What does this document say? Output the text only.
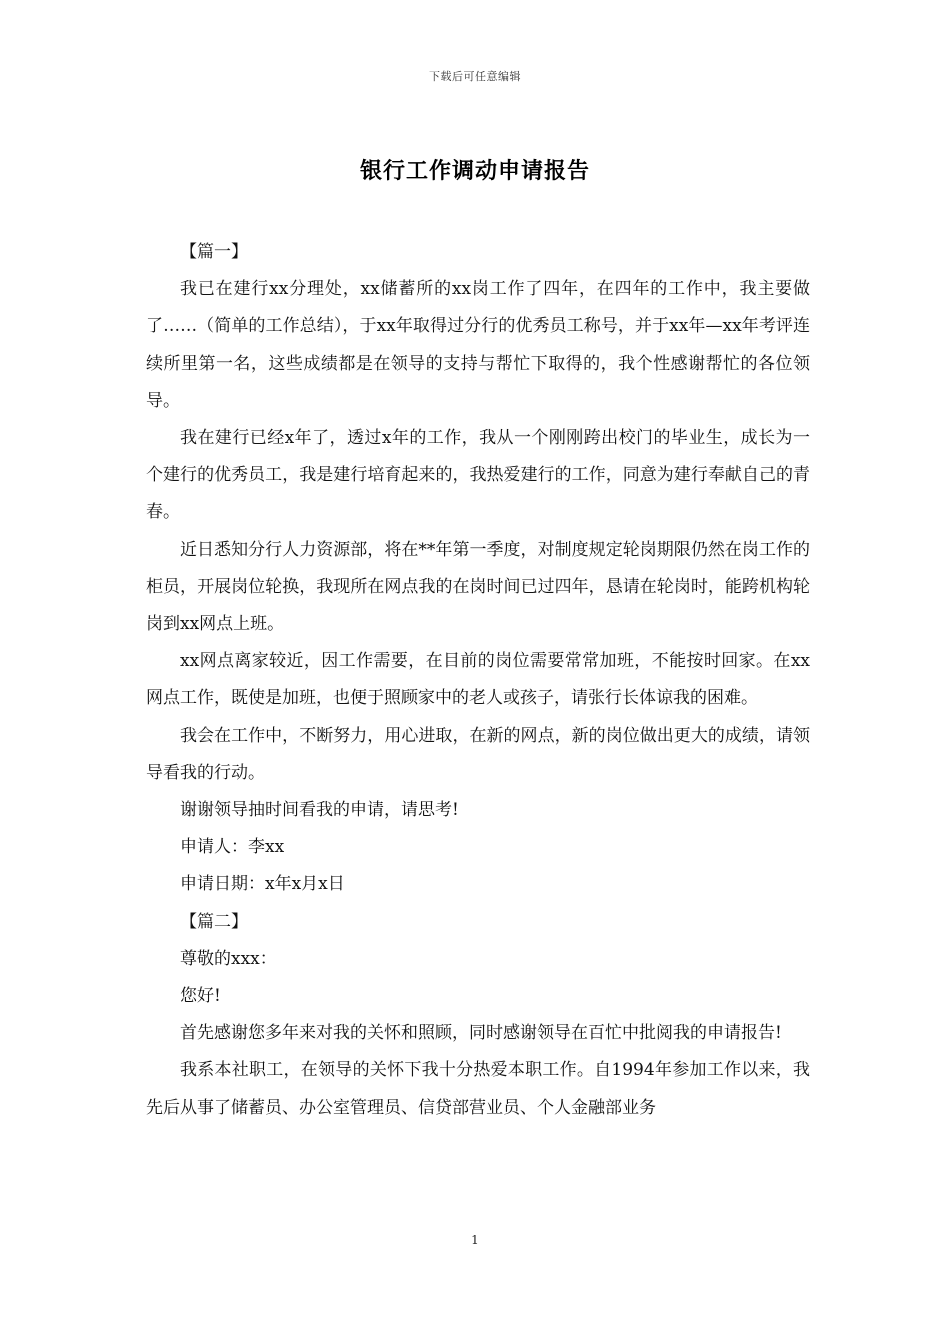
下载后可任意编辑
银行工作调动申请报告

【篇一】

我已在建行xx分理处，xx储蓄所的xx岗工作了四年，在四年的工作中，我主要做了……（简单的工作总结），于xx年取得过分行的优秀员工称号，并于xx年—xx年考评连续所里第一名，这些成绩都是在领导的支持与帮忙下取得的，我个性感谢帮忙的各位领导。

我在建行已经x年了，透过x年的工作，我从一个刚刚跨出校门的毕业生，成长为一个建行的优秀员工，我是建行培育起来的，我热爱建行的工作，同意为建行奉献自己的青春。

近日悉知分行人力资源部，将在**年第一季度，对制度规定轮岗期限仍然在岗工作的柜员，开展岗位轮换，我现所在网点我的在岗时间已过四年，恳请在轮岗时，能跨机构轮岗到xx网点上班。

xx网点离家较近，因工作需要，在目前的岗位需要常常加班，不能按时回家。在xx网点工作，既使是加班，也便于照顾家中的老人或孩子，请张行长体谅我的困难。

我会在工作中，不断努力，用心进取，在新的网点，新的岗位做出更大的成绩，请领导看我的行动。

谢谢领导抽时间看我的申请，请思考!

申请人：李xx

申请日期：x年x月x日

【篇二】

尊敬的xxx：

您好!

首先感谢您多年来对我的关怀和照顾，同时感谢领导在百忙中批阅我的申请报告!

我系本社职工，在领导的关怀下我十分热爱本职工作。自1994年参加工作以来，我先后从事了储蓄员、办公室管理员、信贷部营业员、个人金融部业务

1
